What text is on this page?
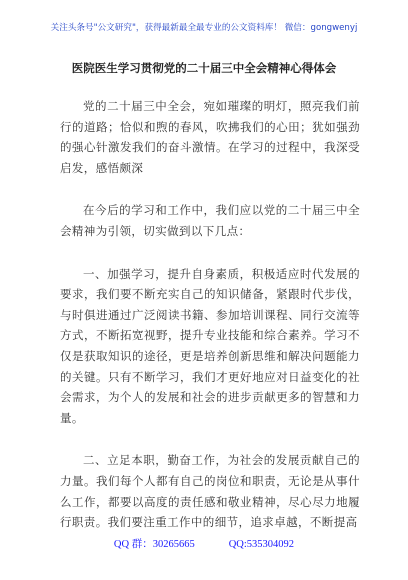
关注头条号"公文研究"，获得最新最全最专业的公文资料库！ 微信：gongwenyj
医院医生学习贯彻党的二十届三中全会精神心得体会

党的二十届三中全会，宛如璀璨的明灯，照亮我们前行的道路；恰似和煦的春风，吹拂我们的心田；犹如强劲的强心针激发我们的奋斗激情。在学习的过程中，我深受启发，感悟颇深

在今后的学习和工作中，我们应以党的二十届三中全会精神为引领，切实做到以下几点：

一、加强学习，提升自身素质，积极适应时代发展的要求，我们要不断充实自己的知识储备，紧跟时代步伐，与时俱进通过广泛阅读书籍、参加培训课程、同行交流等方式，不断拓宽视野，提升专业技能和综合素养。学习不仅是获取知识的途径，更是培养创新思维和解决问题能力的关键。只有不断学习，我们才更好地应对日益变化的社会需求，为个人的发展和社会的进步贡献更多的智慧和力量。

二、立足本职，勤奋工作，为社会的发展贡献自己的力量。我们每个人都有自己的岗位和职责，无论是从事什么工作，都要以高度的责任感和敬业精神，尽心尽力地履行职责。我们要注重工作中的细节，追求卓越，不断提高

QQ 群：30265665	QQ:535304092
